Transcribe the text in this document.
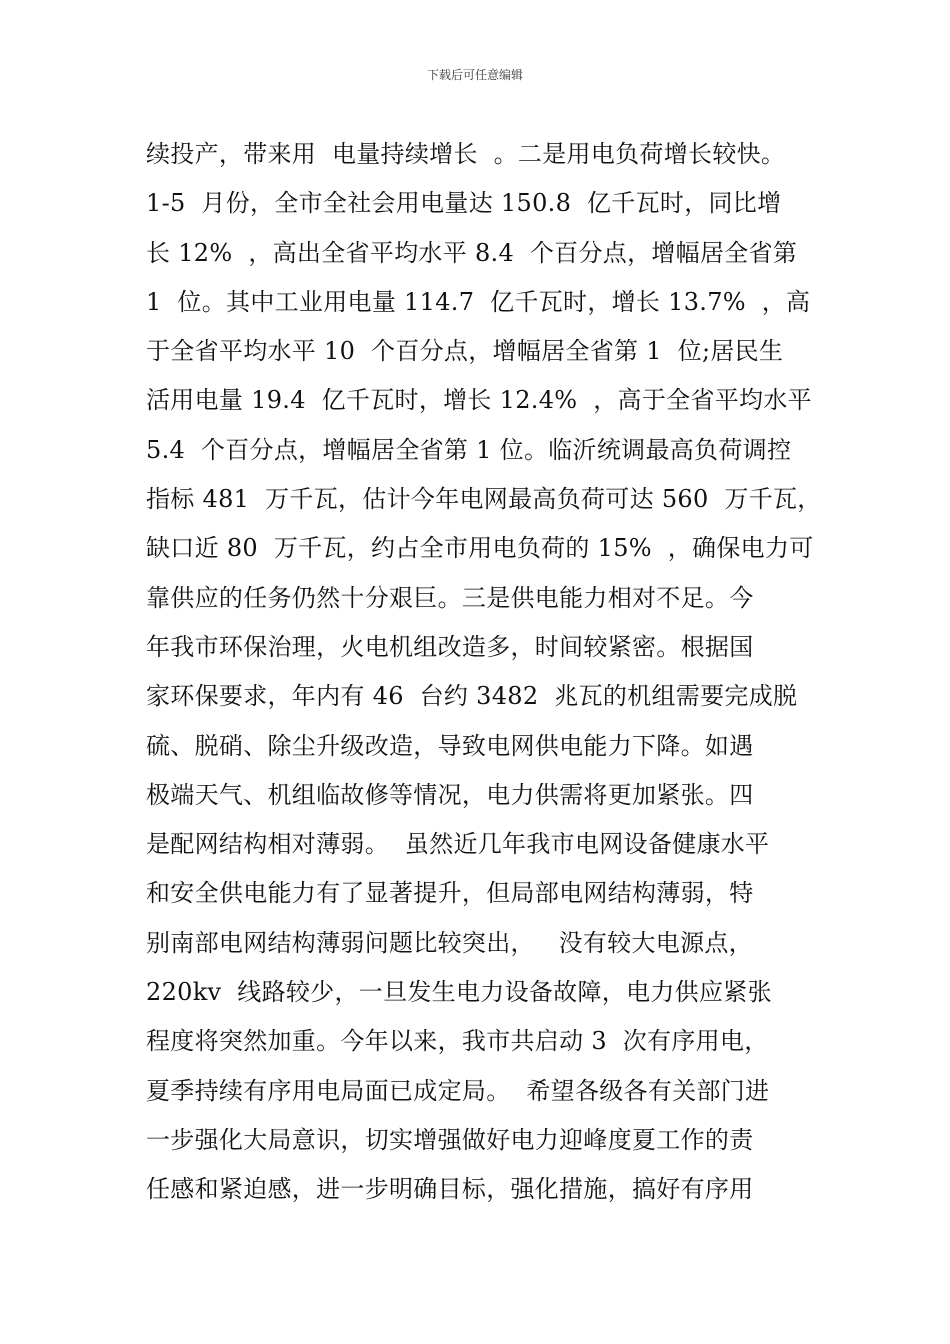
下载后可任意编辑
续投产，带来用  电量持续增长  。二是用电负荷增长较快。
1-5  月份，全市全社会用电量达 150.8  亿千瓦时，同比增
长 12%  ，高出全省平均水平 8.4  个百分点，增幅居全省第
1  位。其中工业用电量 114.7  亿千瓦时，增长 13.7%  ，高
于全省平均水平 10  个百分点，增幅居全省第 1  位;居民生
活用电量 19.4  亿千瓦时，增长 12.4%  ，高于全省平均水平
5.4  个百分点，增幅居全省第 1 位。临沂统调最高负荷调控
指标 481  万千瓦，估计今年电网最高负荷可达 560  万千瓦，
缺口近 80  万千瓦，约占全市用电负荷的 15%  ，确保电力可
靠供应的任务仍然十分艰巨。三是供电能力相对不足。今
年我市环保治理，火电机组改造多，时间较紧密。根据国
家环保要求，年内有 46  台约 3482  兆瓦的机组需要完成脱
硫、脱硝、除尘升级改造，导致电网供电能力下降。如遇
极端天气、机组临故修等情况，电力供需将更加紧张。四
是配网结构相对薄弱。  虽然近几年我市电网设备健康水平
和安全供电能力有了显著提升，但局部电网结构薄弱，特
别南部电网结构薄弱问题比较突出，   没有较大电源点，
220kv  线路较少，一旦发生电力设备故障，电力供应紧张
程度将突然加重。今年以来，我市共启动 3  次有序用电，
夏季持续有序用电局面已成定局。  希望各级各有关部门进
一步强化大局意识，切实增强做好电力迎峰度夏工作的责
任感和紧迫感，进一步明确目标，强化措施，搞好有序用
